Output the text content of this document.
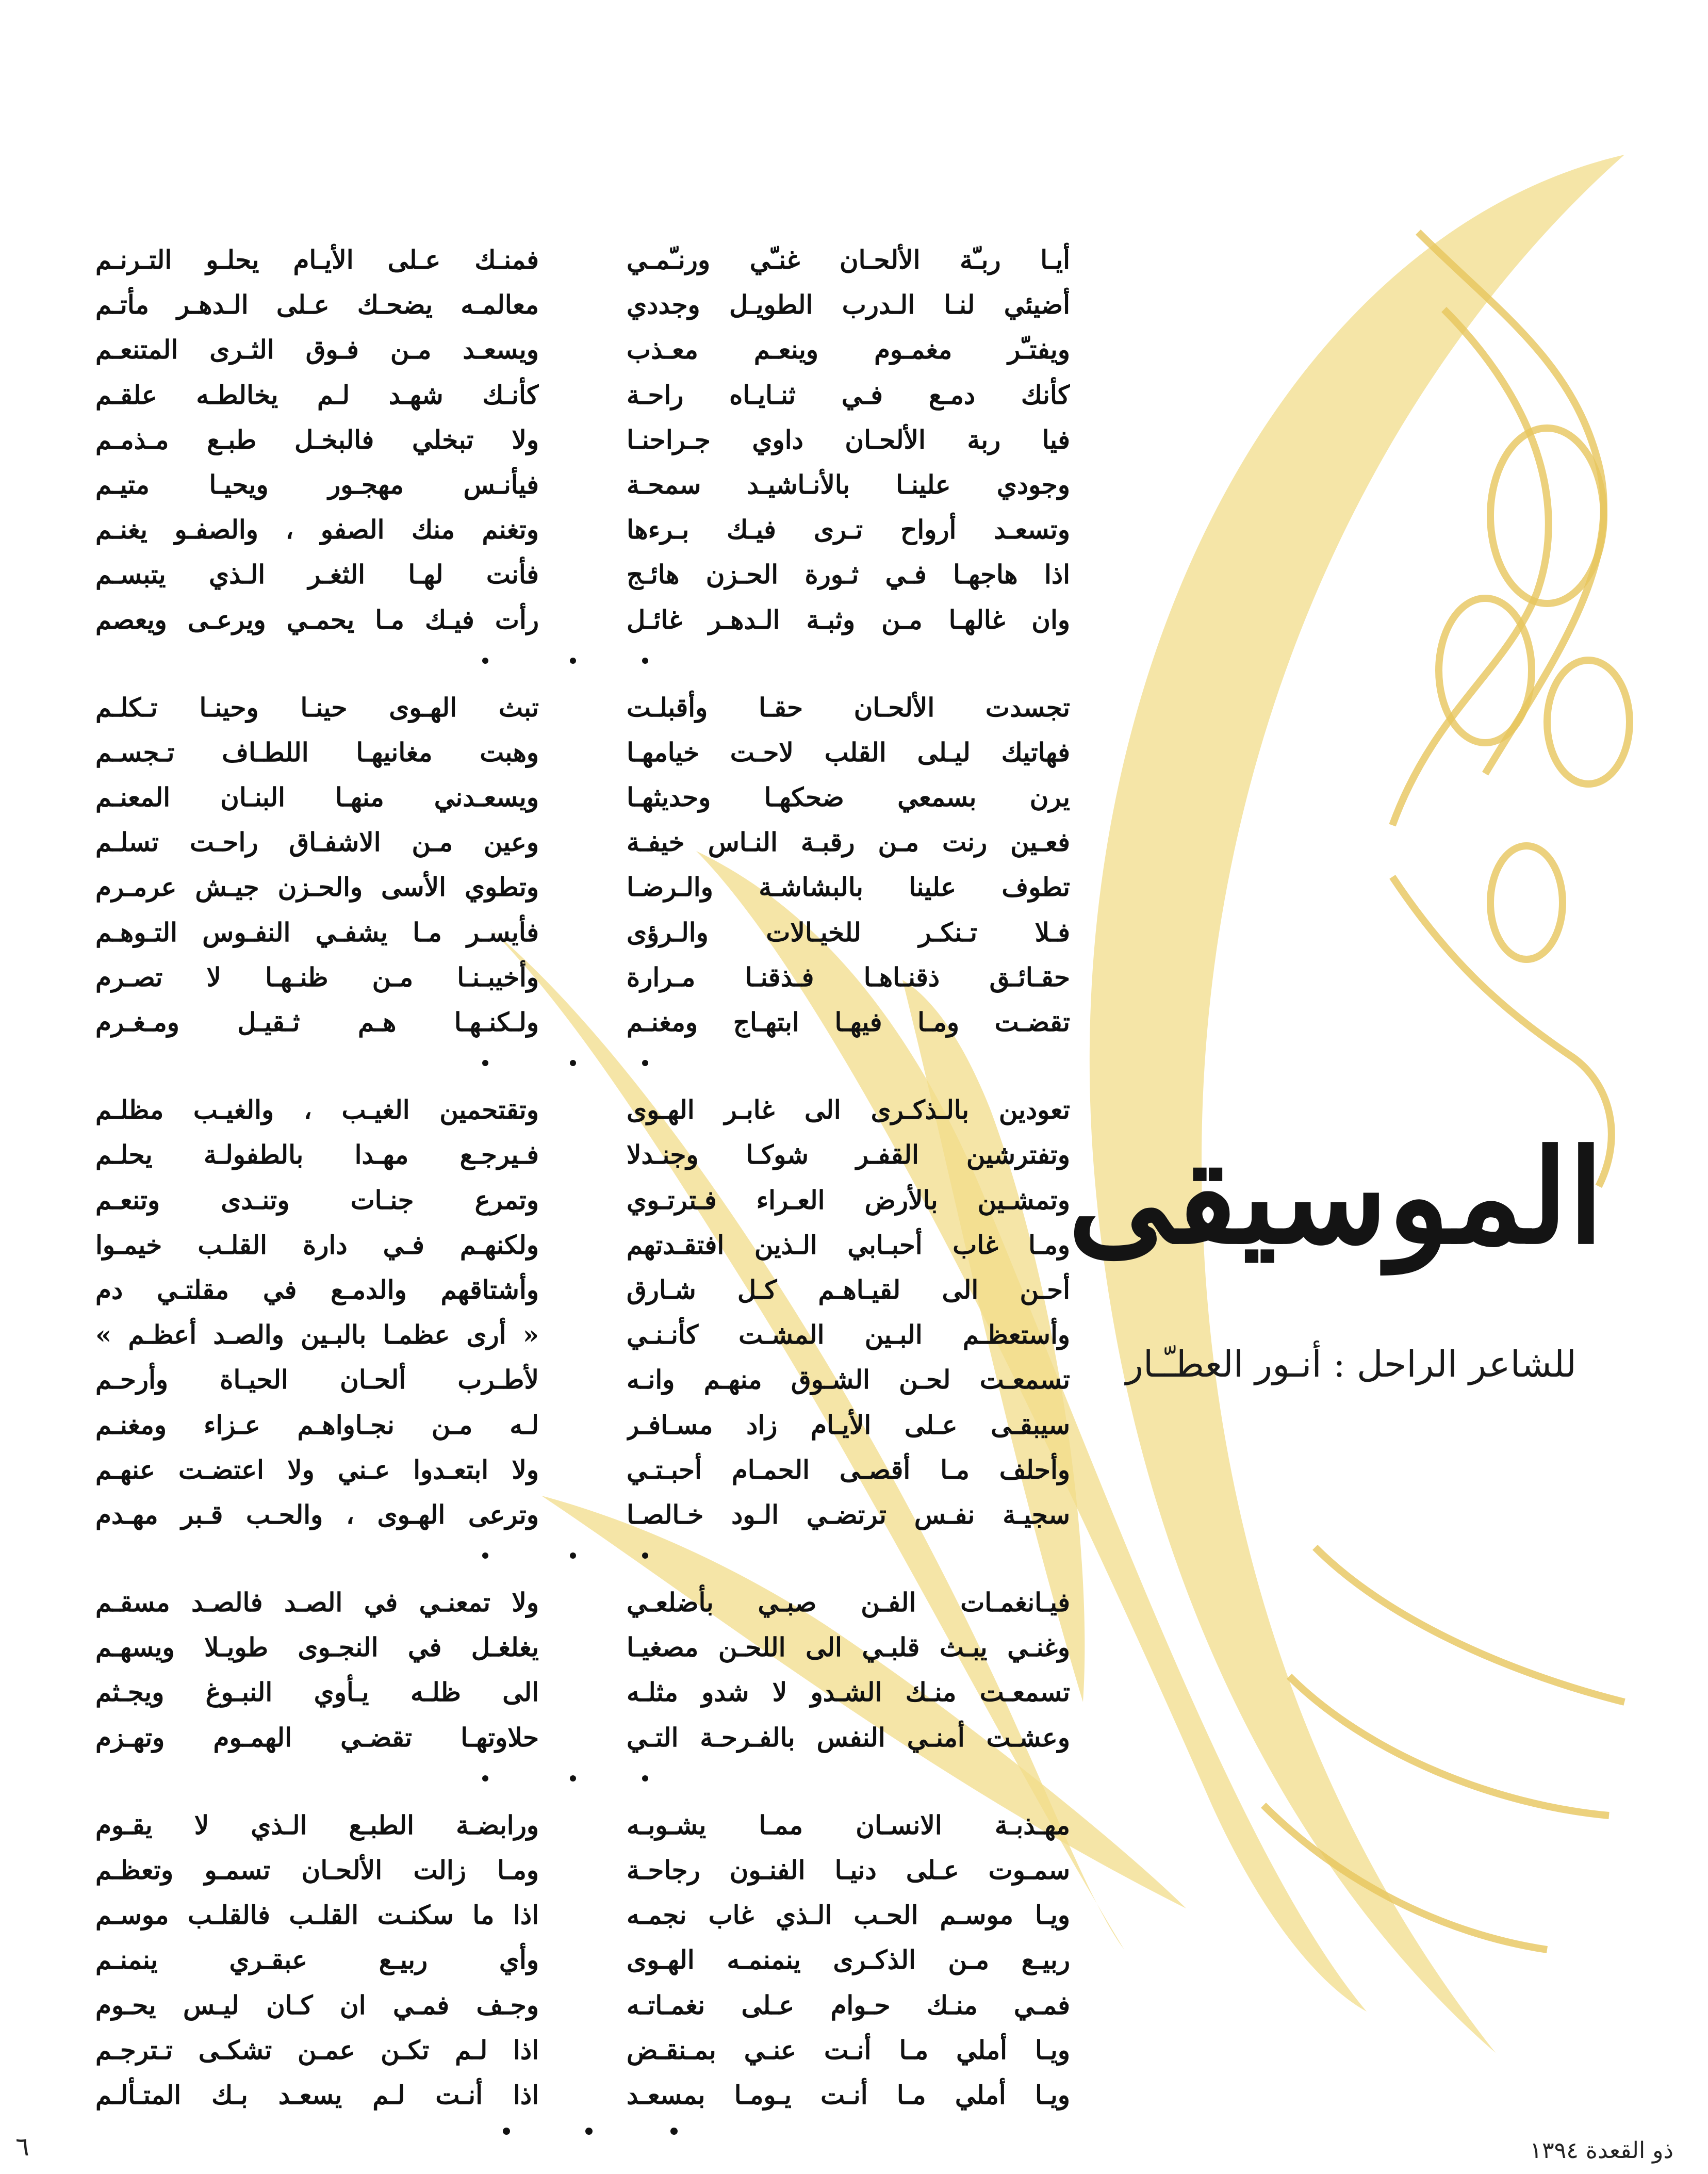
أيـا ربـّة الألحـان غنـّي ورنـّمـي
أضيئي لنـا الـدرب الطويـل وجددي
ويفتـّر مغمـوم وينعـم معـذب
كأنك دمـع فـي ثنـايـاه راحـة
فيا ربة الألحـان داوي جـراحنـا
وجودي علينـا بالأنـاشيـد سمحـة
وتسعـد أرواح تـرى فيـك بـرءها
اذا هاجهـا فـي ثـورة الحـزن هائـج
وان غالهـا مـن وثبـة الـدهـر غائـل
تجسدت الألحـان حقـا وأقبلـت
فهاتيك ليـلى القلب لاحـت خيامهـا
يرن بسمعي ضحكهـا وحديثهـا
فعـين رنت مـن رقبـة النـاس خيفـة
تطوف علينا بالبشاشـة والـرضـا
فـلا تـنكـر للخيـالات والـرؤى
حقـائـق ذقنـاهـا فـذقنـا مـرارة
تقضـت ومـا فيهـا ابتهـاج ومغنـم
تعودين بالـذكـرى الى غابـر الهـوى
وتفترشين القفـر شوكـا وجنـدلا
وتمشـين بالأرض العـراء فـترتـوي
ومـا غاب أحبـابي الـذين افتقـدتهم
أحـن الى لقيـاهـم كـل شـارق
وأستعظـم البـين المشـت كأنـنـي
تسمعـت لحـن الشـوق منهـم وانـه
سيبقـى عـلى الأيـام زاد مسـافـر
وأحلف مـا أقصـى الحمـام أحبـتـي
سجيـة نفـس ترتضـي الـود خـالصـا
فيـانغمـات الفـن صبـي بأضلعـي
وغنـي يبـث قلبـي الى اللحـن مصغيـا
تسمعـت منـك الشـدو لا شدو مثلـه
وعشـت أمنـي النفس بالفـرحـة التـي
مهـذبـة الانسـان ممـا يشـوبـه
سمـوت عـلى دنيـا الفنـون رجاحـة
ويـا موسـم الحـب الـذي غاب نجمـه
ربيـع مـن الذكـرى ينمنمـه الهـوى
فمـي منـك حـوام عـلى نغمـاتـه
ويـا أملي مـا أنـت عنـي بمـنقـض
ويـا أملي مـا أنـت يـومـا بمسعـد
فمنـك عـلى الأيـام يحلـو التـرنـم
معالمـه يضحـك عـلى الـدهـر مأتـم
ويسعـد مـن فـوق الثـرى المتنعـم
كأنـك شهـد لـم يخالطـه علقـم
ولا تبخلي فالبخـل طبـع مـذمـم
فيأنـس مهجـور ويحيـا متيـم
وتغنم منك الصفو ، والصفـو يغنـم
فأنت لهـا الثغـر الـذي يتبسـم
رأت فيـك مـا يحمـي ويرعـى ويعصم
تبث الهـوى حينـا وحينـا تـكلـم
وهبت مغانيهـا اللطـاف تـجسـم
ويسعـدني منهـا البنـان المعنـم
وعين مـن الاشفـاق راحـت تسلـم
وتطوي الأسى والحـزن جيـش عرمـرم
فأيسـر مـا يشفـي النفـوس التـوهـم
وأخيبـنـا مـن ظنـهـا لا تصـرم
ولـكنـهـا هـم ثـقيـل ومـغـرم
وتقتحمين الغيـب ، والغيـب مظلـم
فـيرجـع مهـدا بالطفولـة يحلـم
وتمرع جنـات وتنـدى وتنعـم
ولكنهـم فـي دارة القلـب خيمـوا
وأشتاقهم والدمـع في مقلتـي دم
« أرى عظمـا بالبـين والصـد أعظـم »
لأطـرب ألحـان الحيـاة وأرحـم
لـه مـن نجـاواهـم عـزاء ومغنـم
ولا ابتعـدوا عـني ولا اعتضـت عنهـم
وترعى الهـوى ، والحـب قـبر مهـدم
ولا تمعنـي في الصـد فالصـد مسقـم
يغلغـل في النجـوى طويـلا ويسهـم
الى ظلـه يـأوي النبـوغ ويجـثم
حلاوتهـا تقضـي الهمـوم وتهـزم
ورابضـة الطبـع الـذي لا يقـوم
ومـا زالت الألحـان تسمـو وتعظـم
اذا ما سكنـت القلـب فالقلـب موسـم
وأي ربيـع عبقـري ينمنـم
وجـف فمـي ان كـان ليـس يحـوم
اذا لـم تكـن عمـن تشكـى تـترجـم
اذا أنـت لـم يسعـد بـك المتـألـم
الموسيقى
للشاعر الراحل : أنـور العطـّـار
ذو القعدة ١٣٩٤
٦
